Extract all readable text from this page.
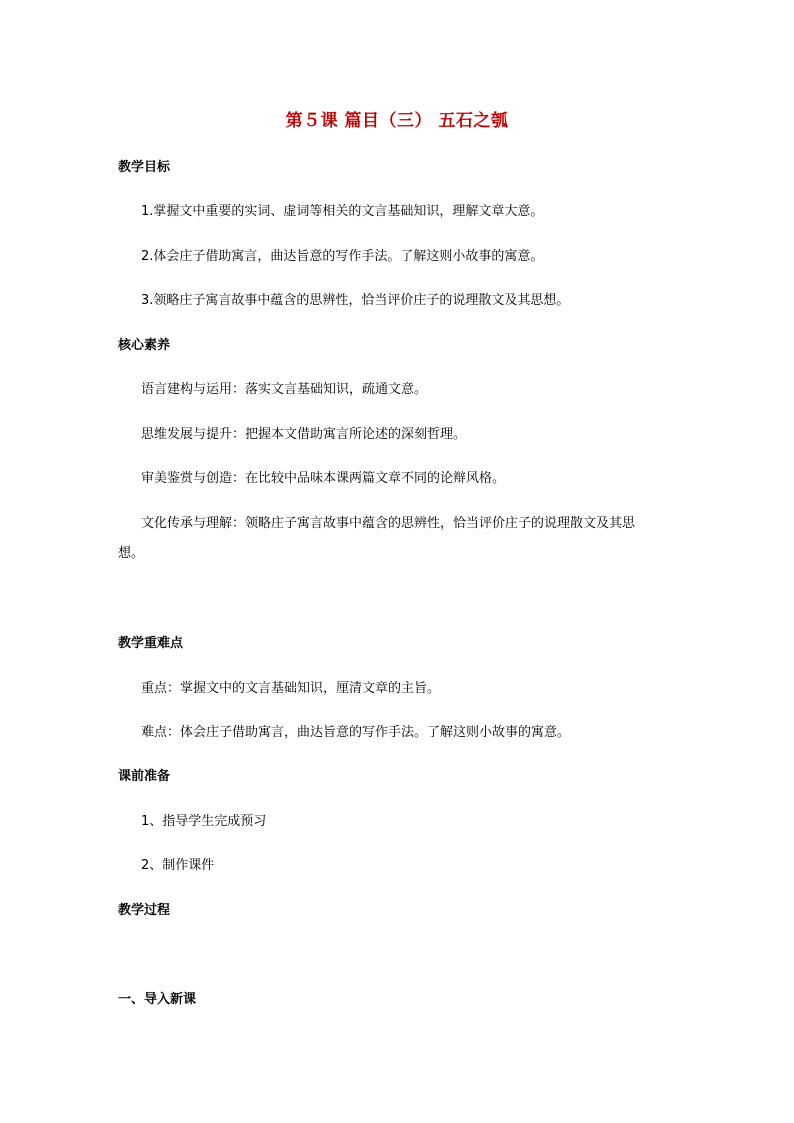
第５课 篇目（三） 五石之瓠
教学目标
1.掌握文中重要的实词、虚词等相关的文言基础知识，理解文章大意。
2.体会庄子借助寓言，曲达旨意的写作手法。了解这则小故事的寓意。
3.领略庄子寓言故事中蕴含的思辨性，恰当评价庄子的说理散文及其思想。
核心素养
语言建构与运用：落实文言基础知识，疏通文意。
思维发展与提升：把握本文借助寓言所论述的深刻哲理。
审美鉴赏与创造：在比较中品味本课两篇文章不同的论辩风格。
文化传承与理解：领略庄子寓言故事中蕴含的思辨性，恰当评价庄子的说理散文及其思
想。
教学重难点
重点：掌握文中的文言基础知识，厘清文章的主旨。
难点：体会庄子借助寓言，曲达旨意的写作手法。了解这则小故事的寓意。
课前准备
1、指导学生完成预习
2、制作课件
教学过程
一、导入新课
